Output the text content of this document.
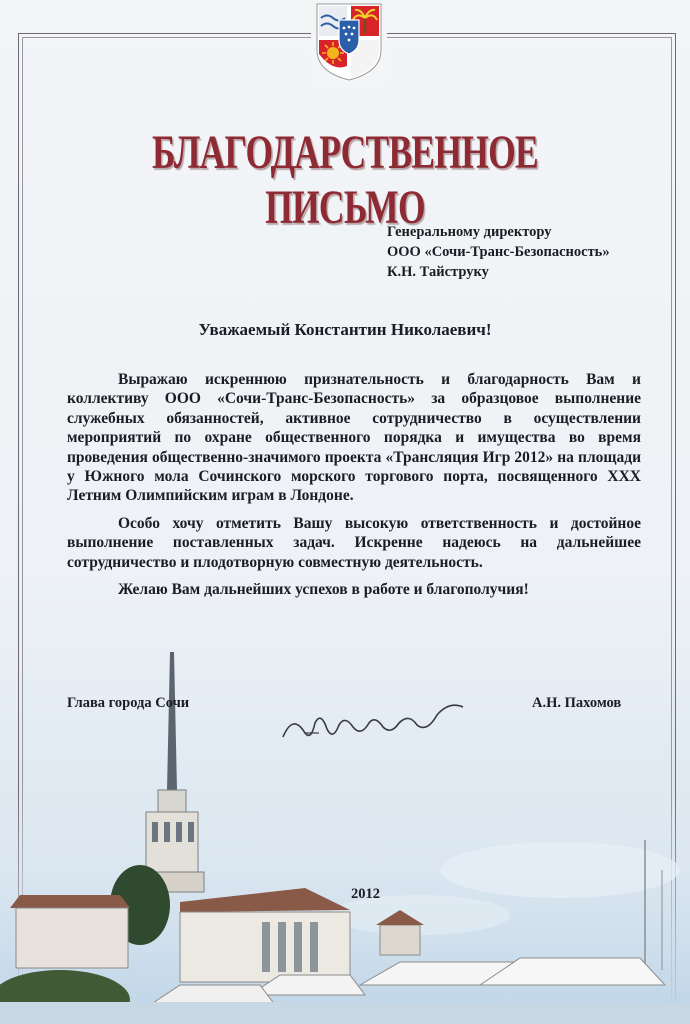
БЛАГОДАРСТВЕННОЕ ПИСЬМО
Генеральному директору
ООО «Сочи-Транс-Безопасность»
К.Н. Тайструку
Уважаемый Константин Николаевич!

Выражаю искреннюю признательность и благодарность Вам и коллективу ООО «Сочи-Транс-Безопасность» за образцовое выполнение служебных обязанностей, активное сотрудничество в осуществлении мероприятий по охране общественного порядка и имущества во время проведения общественно-значимого проекта «Трансляция Игр 2012» на площади у Южного мола Сочинского морского торгового порта, посвященного XXX Летним Олимпийским играм в Лондоне.

Особо хочу отметить Вашу высокую ответственность и достойное выполнение поставленных задач. Искренне надеюсь на дальнейшее сотрудничество и плодотворную совместную деятельность.

Желаю Вам дальнейших успехов в работе и благополучия!

Глава города Сочи	А.Н. Пахомов
2012
